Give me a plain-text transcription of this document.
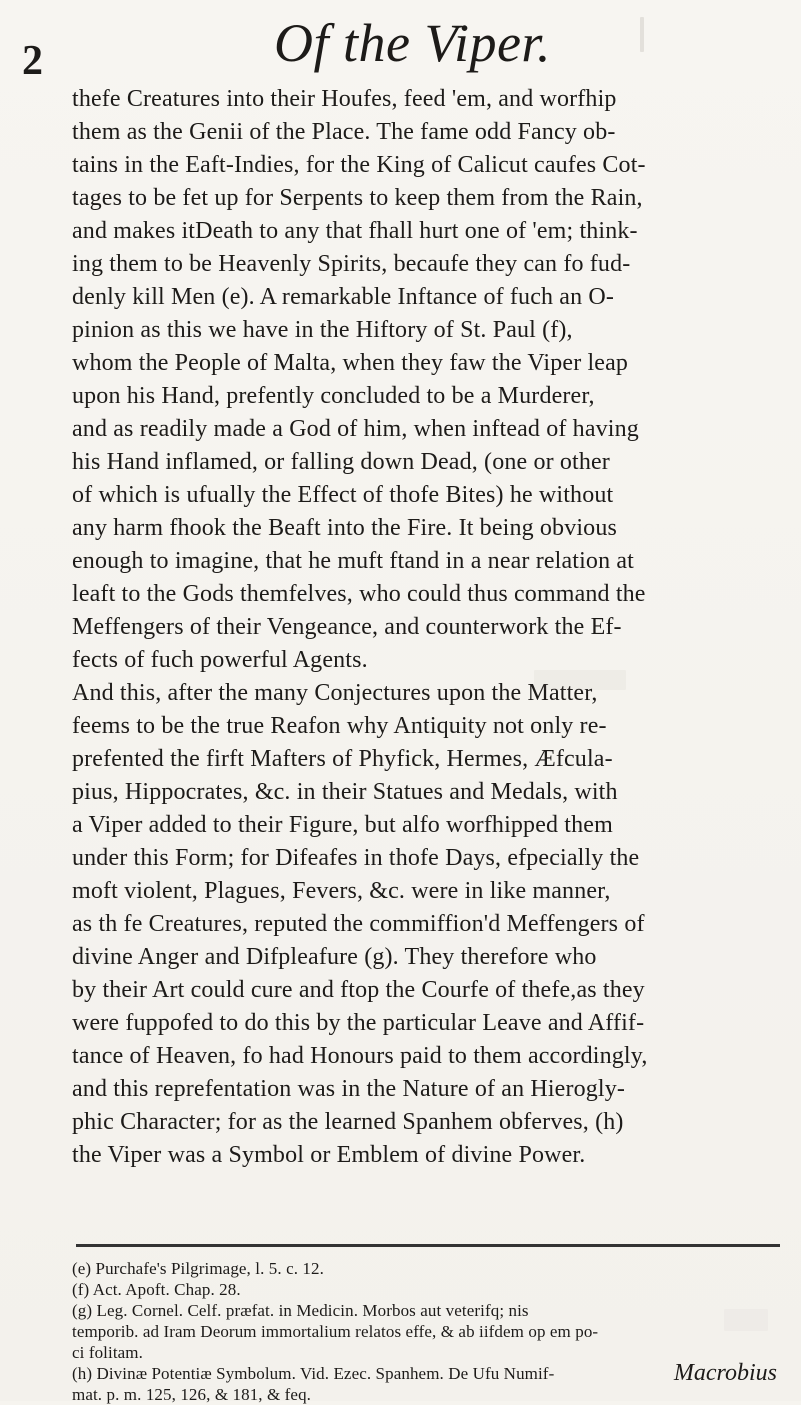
2	Of the Viper.
thefe Creatures into their Houfes, feed 'em, and worfhip
them as the Genii of the Place. The fame odd Fancy ob-
tains in the Eaft-Indies, for the King of Calicut caufes Cot-
tages to be fet up for Serpents to keep them from the Rain,
and makes itDeath to any that fhall hurt one of 'em; think-
ing them to be Heavenly Spirits, becaufe they can fo fud-
denly kill Men (e). A remarkable Inftance of fuch an O-
pinion as this we have in the Hiftory of St. Paul (f),
whom the People of Malta, when they faw the Viper leap
upon his Hand, prefently concluded to be a Murderer,
and as readily made a God of him, when inftead of having
his Hand inflamed, or falling down Dead, (one or other
of which is ufually the Effect of thofe Bites) he without
any harm fhook the Beaft into the Fire. It being obvious
enough to imagine, that he muft ftand in a near relation at
leaft to the Gods themfelves, who could thus command the
Meffengers of their Vengeance, and counterwork the Ef-
fects of fuch powerful Agents.
And this, after the many Conjectures upon the Matter,
feems to be the true Reafon why Antiquity not only re-
prefented the firft Mafters of Phyfick, Hermes, Æfcula-
pius, Hippocrates, &c. in their Statues and Medals, with
a Viper added to their Figure, but alfo worfhipped them
under this Form; for Difeafes in thofe Days, efpecially the
moft violent, Plagues, Fevers, &c. were in like manner,
as th fe Creatures, reputed the commiffion'd Meffengers of
divine Anger and Difpleafure (g). They therefore who
by their Art could cure and ftop the Courfe of thefe,as they
were fuppofed to do this by the particular Leave and Affif-
tance of Heaven, fo had Honours paid to them accordingly,
and this reprefentation was in the Nature of an Hierogly-
phic Character; for as the learned Spanhem obferves, (h)
the Viper was a Symbol or Emblem of divine Power.
(e) Purchafe's Pilgrimage, l. 5. c. 12.
(f) Act. Apoft. Chap. 28.
(g) Leg. Cornel. Celf. præfat. in Medicin. Morbos aut veterifq; nis
temporib. ad Iram Deorum immortalium relatos effe, & ab iifdem op em po-
ci folitam.
(h) Divinæ Potentiæ Symbolum. Vid. Ezec. Spanhem. De Ufu Numif-
mat. p. m. 125, 126, & 181, & feq.
Macrobius
